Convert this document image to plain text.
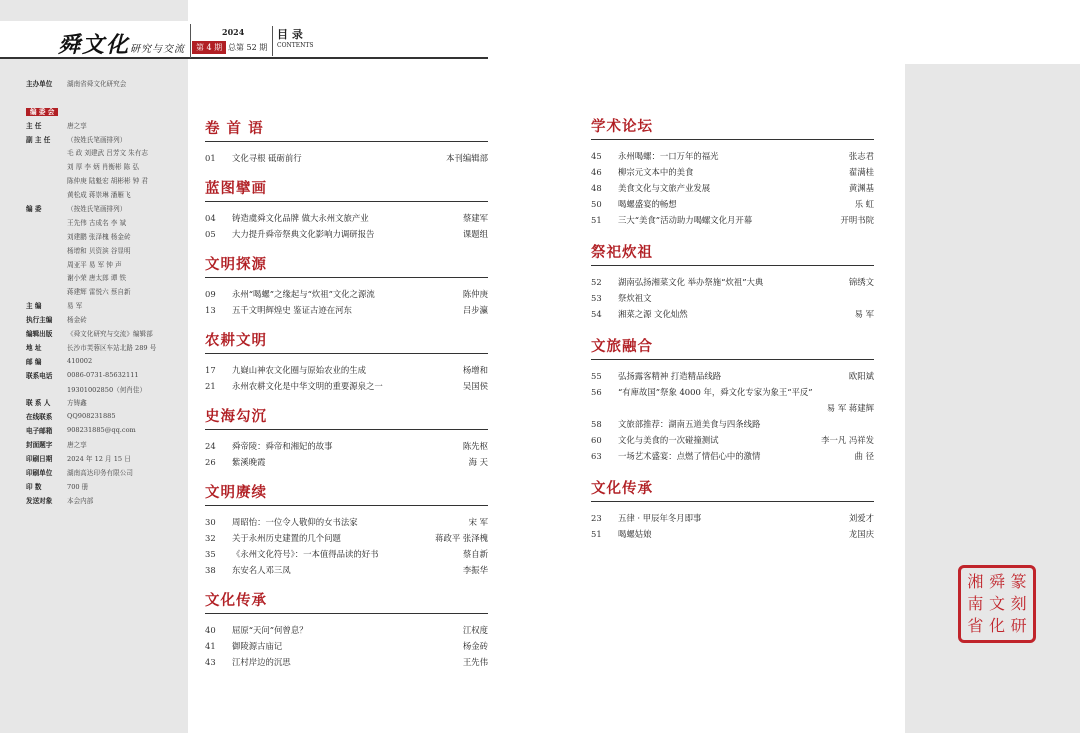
舜文化研究与交流
2024
第 4 期 总第 52 期
目 录
CONTENTS
湘 舜 篆
南 文 刻
省 化 研
主办单位	湖南省舜文化研究会
编 委 会
主 任	唐之享
副 主 任	（按姓氏笔画排列）
毛 政 刘建武 吕芳文 朱有志
刘 厚 李 炳 肖衡彬 陈 弘
陈仲庚 陆魁宏 胡彬彬 钟 君
黄松成 蒋崇琳 潘雁飞
编 委	（按姓氏笔画排列）
王先伟 古成名 李 斌
刘建鹏 张泽槐 杨金砖
杨增和 贝资滨 谷显明
周亚平 易 军 钟 声
谢小荣 唐太郎 谭 铁
蒋建辉 雷悦六 蔡自新
主 编	易 军
执行主编	杨金砖
编辑出版	《舜文化研究与交流》编辑部
地 址	长沙市芙蓉区车站北路 289 号
邮 编	410002
联系电话	0086-0731-85632111
19301002850（何肖佳）
联 系 人	方铸鑫
在线联系	QQ908231885
电子邮箱	908231885@qq.com
封面题字	唐之享
印刷日期	2024 年 12 月 15 日
印刷单位	湖南高达印务有限公司
印 数	700 册
发送对象	本会内部
卷 首 语
01	文化寻根 砥砺前行	本刊编辑部
蓝图擘画
04	铸造虞舜文化品牌 做大永州文旅产业	蔡建军
05	大力提升舜帝祭典文化影响力调研报告	课题组
文明探源
09	永州“喝螺”之缘起与“炊祖”文化之源流	陈仲庚
13	五千文明辉煌史 鉴证古迹在河东	吕步瀛
农耕文明
17	九嶷山神农文化圈与原始农业的生成	杨增和
21	永州农耕文化是中华文明的重要源泉之一	吴国侯
史海勾沉
24	舜帝陵：舜帝和湘妃的故事	陈先枢
26	紫溪晚霞	海 天
文明赓续
30	周昭怡：一位令人敬仰的女书法家	宋 军
32	关于永州历史建置的几个问题	蒋政平 张泽槐
35	《永州文化符号》：一本值得品读的好书	蔡自新
38	东安名人邓三凤	李振华
文化传承
40	屈原“天问”何曾息？	江权度
41	御陵源古庙记	杨金砖
43	江村岸边的沉思	王先伟
学术论坛
45	永州喝螺：一口万年的福光	张志君
46	柳宗元文本中的美食	翟满桂
48	美食文化与文旅产业发展	黄渊基
50	喝螺盛宴的畅想	乐 虹
51	三大“美食”活动助力喝螺文化月开幕	开明书院
祭祀炊祖
52	湖南弘扬湘菜文化 举办祭施“炊祖”大典	锦绣文
53	祭炊祖文
54	湘菜之源 文化灿然	易 军
文旅融合
55	弘扬露客精神 打造精品线路	欧阳斌
56	“有庳故国”祭象 4000 年，舜文化专家为象王“平反”
易 军 蒋建辉
58	文旅部推荐：湖南五道美食与四条线路
60	文化与美食的一次碰撞测试	李一凡 冯祥发
63	一场艺术盛宴：点燃了情侣心中的激情	曲 径
文化传承
23	五律 · 甲辰年冬月即事	刘爱才
51	喝螺姑娘	龙国庆
